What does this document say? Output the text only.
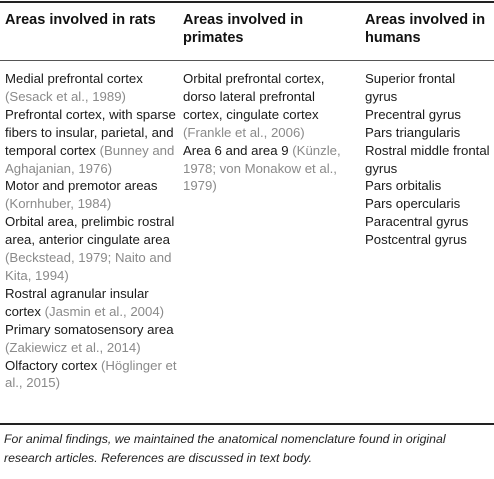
Areas involved in rats	Areas involved in primates
Areas involved in humans
Medial prefrontal cortex (Sesack et al., 1989)
Prefrontal cortex, with sparse fibers to insular, parietal, and temporal cortex (Bunney and Aghajanian, 1976)
Motor and premotor areas (Kornhuber, 1984)
Orbital area, prelimbic rostral area, anterior cingulate area (Beckstead, 1979; Naito and Kita, 1994)
Rostral agranular insular cortex (Jasmin et al., 2004)
Primary somatosensory area (Zakiewicz et al., 2014)
Olfactory cortex (Höglinger et al., 2015)
Orbital prefrontal cortex, dorso lateral prefrontal cortex, cingulate cortex (Frankle et al., 2006)
Area 6 and area 9 (Künzle, 1978; von Monakow et al., 1979)
Superior frontal gyrus
Precentral gyrus
Pars triangularis
Rostral middle frontal gyrus
Pars orbitalis
Pars opercularis
Paracentral gyrus
Postcentral gyrus
For animal findings, we maintained the anatomical nomenclature found in original research articles. References are discussed in text body.
